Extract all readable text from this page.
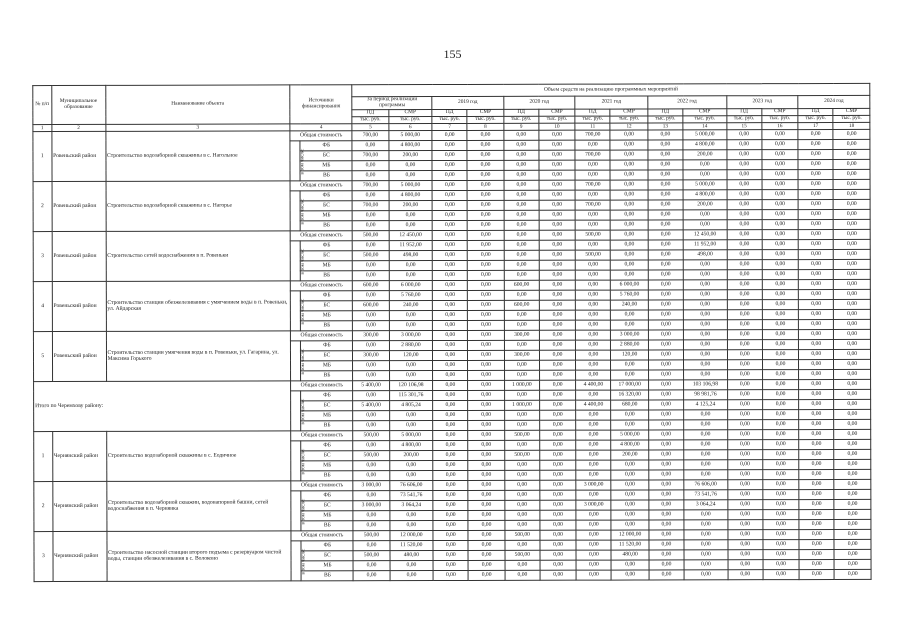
155
№ п/п	Муниципальное образование	Наименование объекта	Источники финансирования		Объем средств на реализацию программных мероприятий													
					За период реализации программы		2019 год		2020 год		2021 год		2022 год		2023 год		2024 год	
					ПД	СМР	ПД	СМР	ПД	СМР	ПД	СМР	ПД	СМР	ПД	СМР	ПД	СМР
					тыс. руб.	тыс. руб.	тыс. руб.	тыс. руб.	тыс. руб.	тыс. руб.	тыс. руб.	тыс. руб.	тыс. руб.	тыс. руб.	тыс. руб.	тыс. руб.	тыс. руб.	тыс. руб.
1	2	3	4		5	6	7	8	9	10	11	12	13	14	15	16	17	18
1	Ровеньский район	Строительство водозаборной скважины в с. Нагольное	Общая стоимость		700,00	5 000,00	0,00	0,00	0,00	0,00	700,00	0,00	0,00	5 000,00	0,00	0,00	0,00	0,00
			в том числе:	ФБ	0,00	4 800,00	0,00	0,00	0,00	0,00	0,00	0,00	0,00	4 800,00	0,00	0,00	0,00	0,00
				БС	700,00	200,00	0,00	0,00	0,00	0,00	700,00	0,00	0,00	200,00	0,00	0,00	0,00	0,00
				МБ	0,00	0,00	0,00	0,00	0,00	0,00	0,00	0,00	0,00	0,00	0,00	0,00	0,00	0,00
				ВБ	0,00	0,00	0,00	0,00	0,00	0,00	0,00	0,00	0,00	0,00	0,00	0,00	0,00	0,00
2	Ровеньский район	Строительство водозаборной скважины в с. Нагорье	Общая стоимость		700,00	5 000,00	0,00	0,00	0,00	0,00	700,00	0,00	0,00	5 000,00	0,00	0,00	0,00	0,00
			в том числе:	ФБ	0,00	4 800,00	0,00	0,00	0,00	0,00	0,00	0,00	0,00	4 800,00	0,00	0,00	0,00	0,00
				БС	700,00	200,00	0,00	0,00	0,00	0,00	700,00	0,00	0,00	200,00	0,00	0,00	0,00	0,00
				МБ	0,00	0,00	0,00	0,00	0,00	0,00	0,00	0,00	0,00	0,00	0,00	0,00	0,00	0,00
				ВБ	0,00	0,00	0,00	0,00	0,00	0,00	0,00	0,00	0,00	0,00	0,00	0,00	0,00	0,00
3	Ровеньский район	Строительство сетей водоснабжения в п. Ровеньки	Общая стоимость		500,00	12 450,00	0,00	0,00	0,00	0,00	500,00	0,00	0,00	12 450,00	0,00	0,00	0,00	0,00
			в том числе:	ФБ	0,00	11 952,00	0,00	0,00	0,00	0,00	0,00	0,00	0,00	11 952,00	0,00	0,00	0,00	0,00
				БС	500,00	498,00	0,00	0,00	0,00	0,00	500,00	0,00	0,00	498,00	0,00	0,00	0,00	0,00
				МБ	0,00	0,00	0,00	0,00	0,00	0,00	0,00	0,00	0,00	0,00	0,00	0,00	0,00	0,00
				ВБ	0,00	0,00	0,00	0,00	0,00	0,00	0,00	0,00	0,00	0,00	0,00	0,00	0,00	0,00
4	Ровеньский район	Строительство станции обезжелезивания с умягчением воды в п. Ровеньки, ул. Айдарская	Общая стоимость		600,00	6 000,00	0,00	0,00	600,00	0,00	0,00	6 000,00	0,00	0,00	0,00	0,00	0,00	0,00
			в том числе:	ФБ	0,00	5 760,00	0,00	0,00	0,00	0,00	0,00	5 760,00	0,00	0,00	0,00	0,00	0,00	0,00
				БС	600,00	240,00	0,00	0,00	600,00	0,00	0,00	240,00	0,00	0,00	0,00	0,00	0,00	0,00
				МБ	0,00	0,00	0,00	0,00	0,00	0,00	0,00	0,00	0,00	0,00	0,00	0,00	0,00	0,00
				ВБ	0,00	0,00	0,00	0,00	0,00	0,00	0,00	0,00	0,00	0,00	0,00	0,00	0,00	0,00
5	Ровеньский район	Строительство станции умягчения воды в п. Ровеньки, ул. Гагарина, ул. Максима Горького	Общая стоимость		300,00	3 000,00	0,00	0,00	300,00	0,00	0,00	3 000,00	0,00	0,00	0,00	0,00	0,00	0,00
			в том числе:	ФБ	0,00	2 880,00	0,00	0,00	0,00	0,00	0,00	2 880,00	0,00	0,00	0,00	0,00	0,00	0,00
				БС	300,00	120,00	0,00	0,00	300,00	0,00	0,00	120,00	0,00	0,00	0,00	0,00	0,00	0,00
				МБ	0,00	0,00	0,00	0,00	0,00	0,00	0,00	0,00	0,00	0,00	0,00	0,00	0,00	0,00
				ВБ	0,00	0,00	0,00	0,00	0,00	0,00	0,00	0,00	0,00	0,00	0,00	0,00	0,00	0,00
Итого по Черемхову району:			Общая стоимость		5 400,00	120 106,98	0,00	0,00	1 000,00	0,00	4 400,00	17 000,00	0,00	103 106,98	0,00	0,00	0,00	0,00
			в том числе:	ФБ	0,00	115 301,76	0,00	0,00	0,00	0,00	0,00	16 320,00	0,00	98 981,76	0,00	0,00	0,00	0,00
				БС	5 400,00	4 805,24	0,00	0,00	1 000,00	0,00	4 400,00	680,00	0,00	4 125,24	0,00	0,00	0,00	0,00
				МБ	0,00	0,00	0,00	0,00	0,00	0,00	0,00	0,00	0,00	0,00	0,00	0,00	0,00	0,00
				ВБ	0,00	0,00	0,00	0,00	0,00	0,00	0,00	0,00	0,00	0,00	0,00	0,00	0,00	0,00
1	Чернянский район	Строительство водозаборной скважины в с. Еодичное	Общая стоимость		500,00	5 000,00	0,00	0,00	500,00	0,00	0,00	5 000,00	0,00	0,00	0,00	0,00	0,00	0,00
			в том числе:	ФБ	0,00	4 800,00	0,00	0,00	0,00	0,00	0,00	4 800,00	0,00	0,00	0,00	0,00	0,00	0,00
				БС	500,00	200,00	0,00	0,00	500,00	0,00	0,00	200,00	0,00	0,00	0,00	0,00	0,00	0,00
				МБ	0,00	0,00	0,00	0,00	0,00	0,00	0,00	0,00	0,00	0,00	0,00	0,00	0,00	0,00
				ВБ	0,00	0,00	0,00	0,00	0,00	0,00	0,00	0,00	0,00	0,00	0,00	0,00	0,00	0,00
2	Чернянский район	Строительство водозаборной скважин, водонапорной башни, сетей водоснабжения в п. Чернянка	Общая стоимость		3 000,00	76 606,00	0,00	0,00	0,00	0,00	3 000,00	0,00	0,00	76 606,00	0,00	0,00	0,00	0,00
			в том числе:	ФБ	0,00	73 541,76	0,00	0,00	0,00	0,00	0,00	0,00	0,00	73 541,76	0,00	0,00	0,00	0,00
				БС	3 000,00	3 064,24	0,00	0,00	0,00	0,00	3 000,00	0,00	0,00	3 064,24	0,00	0,00	0,00	0,00
				МБ	0,00	0,00	0,00	0,00	0,00	0,00	0,00	0,00	0,00	0,00	0,00	0,00	0,00	0,00
				ВБ	0,00	0,00	0,00	0,00	0,00	0,00	0,00	0,00	0,00	0,00	0,00	0,00	0,00	0,00
3	Чернянский район	Строительство насосной станции второго подъема с резервуаром чистой воды, станции обезжелезивания в с. Волоконо	Общая стоимость		500,00	12 000,00	0,00	0,00	500,00	0,00	0,00	12 000,00	0,00	0,00	0,00	0,00	0,00	0,00
			в том числе:	ФБ	0,00	11 520,00	0,00	0,00	0,00	0,00	0,00	11 520,00	0,00	0,00	0,00	0,00	0,00	0,00
				БС	500,00	480,00	0,00	0,00	500,00	0,00	0,00	480,00	0,00	0,00	0,00	0,00	0,00	0,00
				МБ	0,00	0,00	0,00	0,00	0,00	0,00	0,00	0,00	0,00	0,00	0,00	0,00	0,00	0,00
				ВБ	0,00	0,00	0,00	0,00	0,00	0,00	0,00	0,00	0,00	0,00	0,00	0,00	0,00	0,00
